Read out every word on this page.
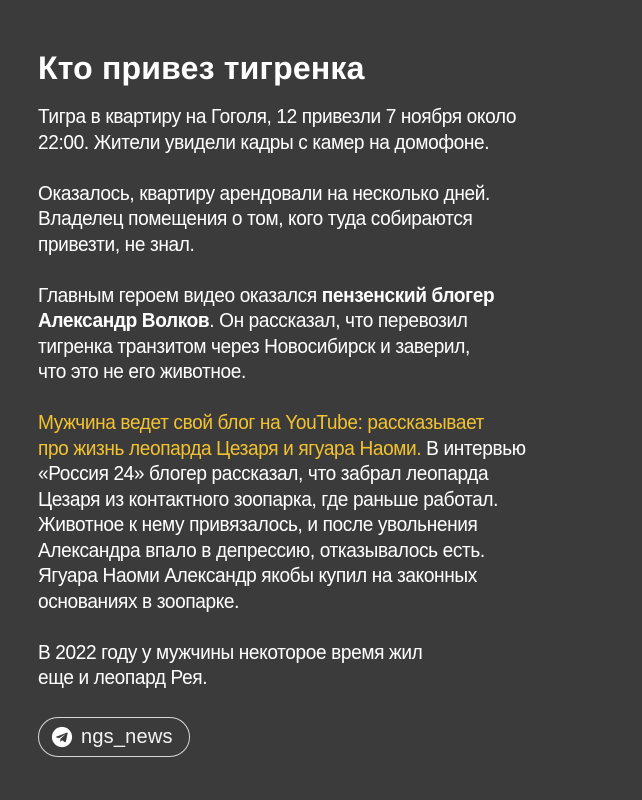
Кто привез тигренка

Тигра в квартиру на Гоголя, 12 привезли 7 ноября около
22:00. Жители увидели кадры с камер на домофоне.

Оказалось, квартиру арендовали на несколько дней.
Владелец помещения о том, кого туда собираются
привезти, не знал.

Главным героем видео оказался пензенский блогер
Александр Волков. Он рассказал, что перевозил
тигренка транзитом через Новосибирск и заверил,
что это не его животное.

Мужчина ведет свой блог на YouTube: рассказывает
про жизнь леопарда Цезаря и ягуара Наоми. В интервью
«Россия 24» блогер рассказал, что забрал леопарда
Цезаря из контактного зоопарка, где раньше работал.
Животное к нему привязалось, и после увольнения
Александра впало в депрессию, отказывалось есть.
Ягуара Наоми Александр якобы купил на законных
основаниях в зоопарке.

В 2022 году у мужчины некоторое время жил
еще и леопард Рея.

ngs_news
